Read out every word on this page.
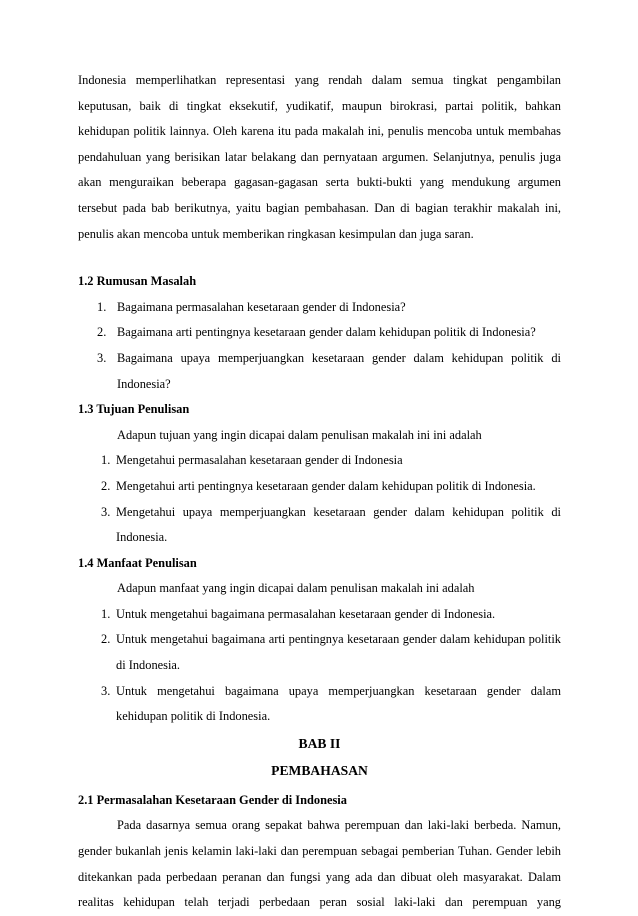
Indonesia memperlihatkan representasi yang rendah dalam semua tingkat pengambilan keputusan, baik di tingkat eksekutif, yudikatif, maupun birokrasi, partai politik, bahkan kehidupan politik lainnya. Oleh karena itu pada makalah ini, penulis mencoba untuk membahas pendahuluan yang berisikan latar belakang dan pernyataan argumen. Selanjutnya, penulis juga akan menguraikan beberapa gagasan-gagasan serta bukti-bukti yang mendukung argumen tersebut pada bab berikutnya, yaitu bagian pembahasan. Dan di bagian terakhir makalah ini, penulis akan mencoba untuk memberikan ringkasan kesimpulan dan juga saran.

1.2 Rumusan Masalah

1. Bagaimana permasalahan kesetaraan gender di Indonesia?
2. Bagaimana arti pentingnya kesetaraan gender dalam kehidupan politik di Indonesia?
3. Bagaimana upaya memperjuangkan kesetaraan gender dalam kehidupan politik di Indonesia?

1.3 Tujuan Penulisan

Adapun tujuan yang ingin dicapai dalam penulisan makalah ini ini adalah

1. Mengetahui permasalahan kesetaraan gender di Indonesia
2. Mengetahui arti pentingnya kesetaraan gender dalam kehidupan politik di Indonesia.
3. Mengetahui upaya memperjuangkan kesetaraan gender dalam kehidupan politik di Indonesia.

1.4 Manfaat Penulisan

Adapun manfaat yang ingin dicapai dalam penulisan makalah ini adalah

1. Untuk mengetahui bagaimana permasalahan kesetaraan gender di Indonesia.
2. Untuk mengetahui bagaimana arti pentingnya kesetaraan gender dalam kehidupan politik di Indonesia.
3. Untuk mengetahui bagaimana upaya memperjuangkan kesetaraan gender dalam kehidupan politik di Indonesia.

BAB II

PEMBAHASAN

2.1 Permasalahan Kesetaraan Gender di Indonesia

Pada dasarnya semua orang sepakat bahwa perempuan dan laki-laki berbeda. Namun, gender bukanlah jenis kelamin laki-laki dan perempuan sebagai pemberian Tuhan. Gender lebih ditekankan pada perbedaan peranan dan fungsi yang ada dan dibuat oleh masyarakat. Dalam realitas kehidupan telah terjadi perbedaan peran sosial laki-laki dan perempuan yang
